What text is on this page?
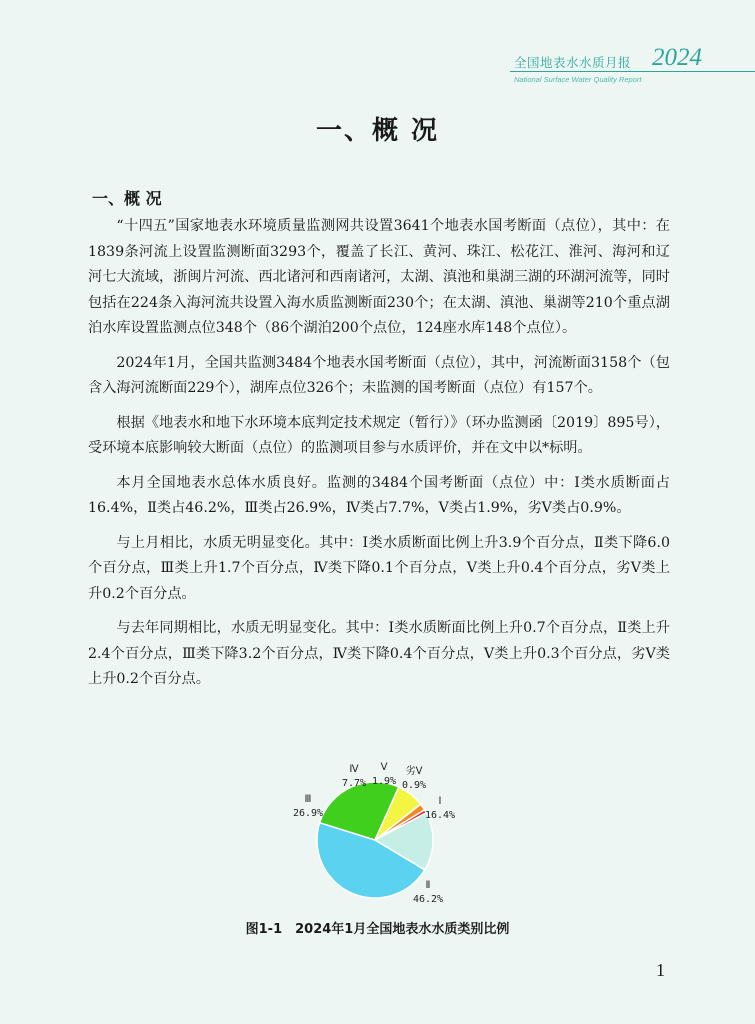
全国地表水水质月报 2024
National Surface Water Quality Report
一、概 况
一、概 况

“十四五”国家地表水环境质量监测网共设置3641个地表水国考断面（点位），其中：在1839条河流上设置监测断面3293个，覆盖了长江、黄河、珠江、松花江、淮河、海河和辽河七大流域，浙闽片河流、西北诸河和西南诸河，太湖、滇池和巢湖三湖的环湖河流等，同时包括在224条入海河流共设置入海水质监测断面230个；在太湖、滇池、巢湖等210个重点湖泊水库设置监测点位348个（86个湖泊200个点位，124座水库148个点位）。

2024年1月，全国共监测3484个地表水国考断面（点位），其中，河流断面3158个（包含入海河流断面229个），湖库点位326个；未监测的国考断面（点位）有157个。

根据《地表水和地下水环境本底判定技术规定（暂行）》（环办监测函〔2019〕895号），受环境本底影响较大断面（点位）的监测项目参与水质评价，并在文中以*标明。

本月全国地表水总体水质良好。监测的3484个国考断面（点位）中：Ⅰ类水质断面占16.4%，Ⅱ类占46.2%，Ⅲ类占26.9%，Ⅳ类占7.7%，Ⅴ类占1.9%，劣Ⅴ类占0.9%。

与上月相比，水质无明显变化。其中：Ⅰ类水质断面比例上升3.9个百分点，Ⅱ类下降6.0个百分点，Ⅲ类上升1.7个百分点，Ⅳ类下降0.1个百分点，Ⅴ类上升0.4个百分点，劣Ⅴ类上升0.2个百分点。

与去年同期相比，水质无明显变化。其中：Ⅰ类水质断面比例上升0.7个百分点，Ⅱ类上升2.4个百分点，Ⅲ类下降3.2个百分点，Ⅳ类下降0.4个百分点，Ⅴ类上升0.3个百分点，劣Ⅴ类上升0.2个百分点。

Ⅰ
16.4%
Ⅱ
46.2%
Ⅲ
26.9%
Ⅳ
7.7%
Ⅴ
1.9%
劣Ⅴ
0.9%
图1-1　2024年1月全国地表水水质类别比例
1
